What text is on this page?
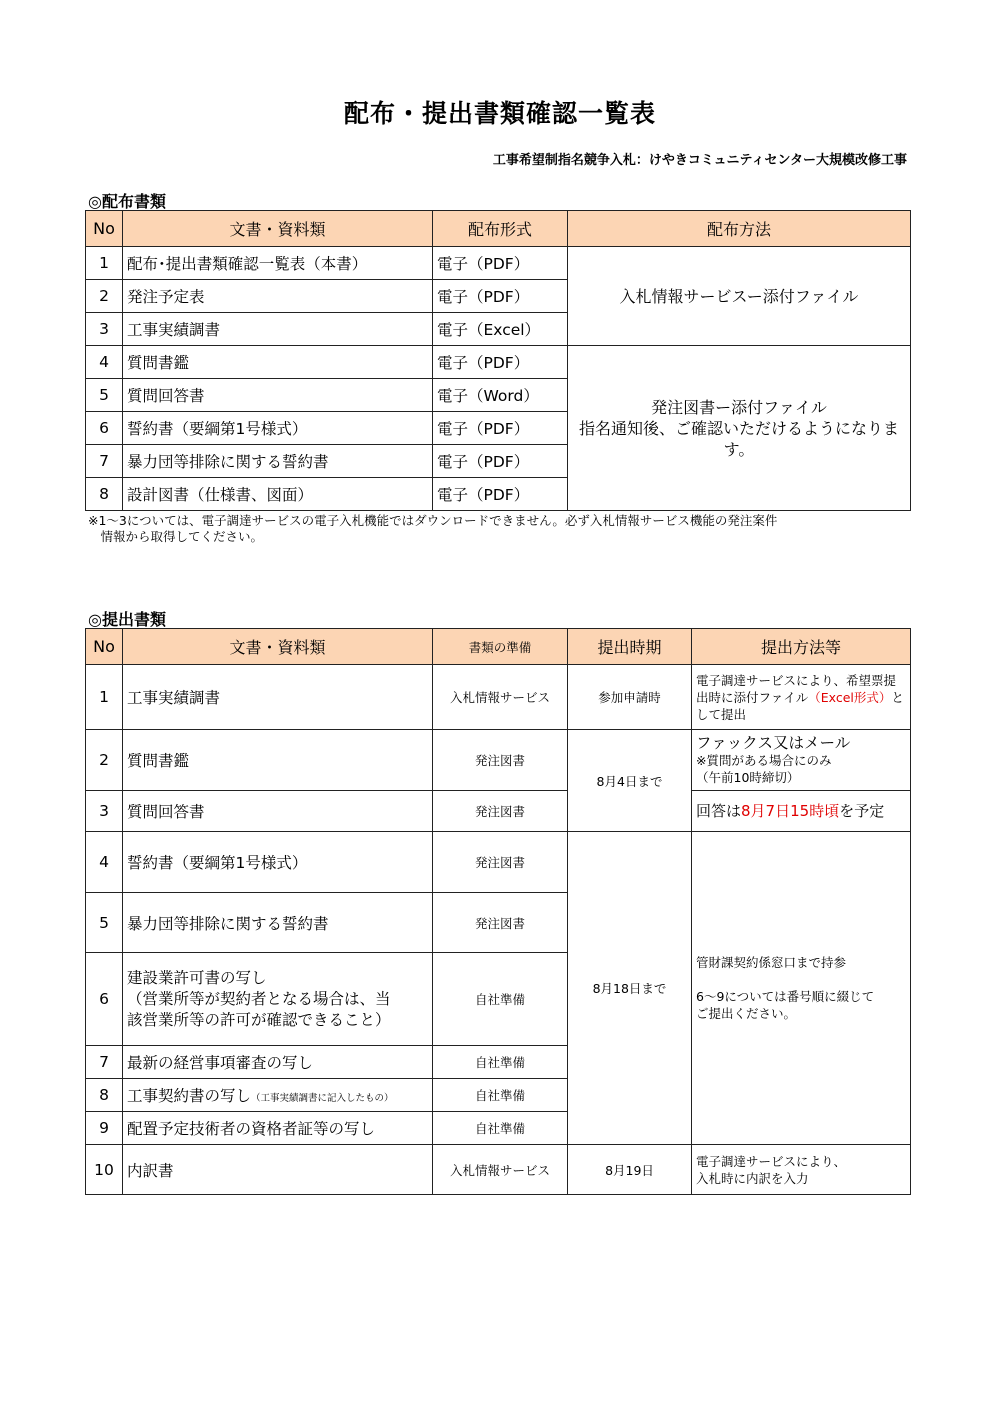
配布・提出書類確認一覧表
工事希望制指名競争入札：けやきコミュニティセンター大規模改修工事
◎配布書類
No	文書・資料類	配布形式	配布方法
1	配布･提出書類確認一覧表（本書）	電子（PDF）	入札情報サービスー添付ファイル
2	発注予定表	電子（PDF）	
3	工事実績調書	電子（Excel）	
4	質問書鑑	電子（PDF）	発注図書ー添付ファイル
指名通知後、ご確認いただけるようになります。

5	質問回答書	電子（Word）	
6	誓約書（要綱第1号様式）	電子（PDF）	
7	暴力団等排除に関する誓約書	電子（PDF）	
8	設計図書（仕様書、図面）	電子（PDF）	
※1～3については、電子調達サービスの電子入札機能ではダウンロードできません。必ず入札情報サービス機能の発注案件
　情報から取得してください。
◎提出書類
No	文書・資料類	書類の準備	提出時期	提出方法等
1	工事実績調書	入札情報サービス	参加申請時	電子調達サービスにより、希望票提出時に添付ファイル（Excel形式）として提出
2	質問書鑑	発注図書	8月4日まで	ファックス又はメール
※質問がある場合にのみ
（午前10時締切）

3	質問回答書	発注図書		回答は8月7日15時頃を予定
4	誓約書（要綱第1号様式）	発注図書	8月18日まで	管財課契約係窓口まで持参
6～9については番号順に綴じて
ご提出ください。

5	暴力団等排除に関する誓約書	発注図書		
6	建設業許可書の写し
（営業所等が契約者となる場合は、当
該営業所等の許可が確認できること）	自社準備		
7	最新の経営事項審査の写し	自社準備		
8	工事契約書の写し（工事実績調書に記入したもの）	自社準備		
9	配置予定技術者の資格者証等の写し	自社準備		
10	内訳書	入札情報サービス	8月19日	電子調達サービスにより、
入札時に内訳を入力
